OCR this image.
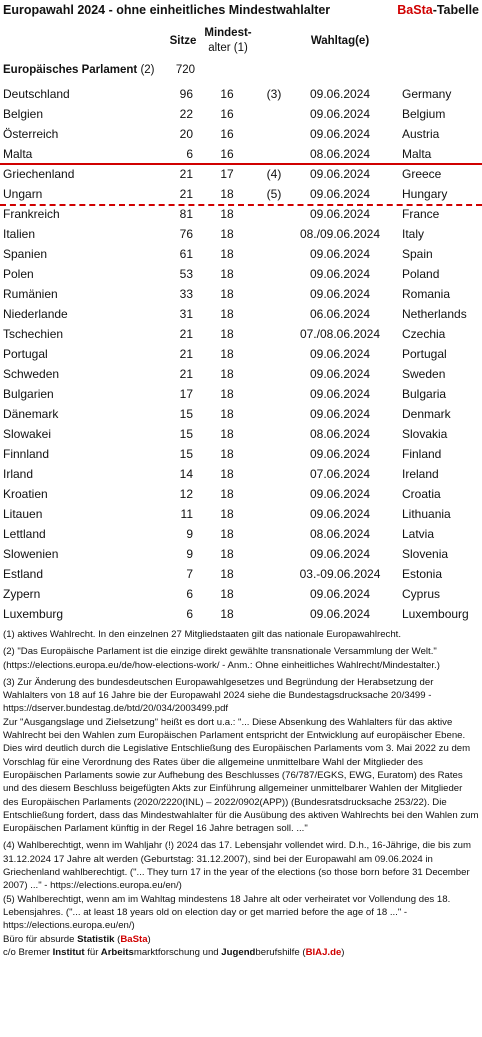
Europawahl 2024 - ohne einheitliches Mindestwahlalter	BaSta-Tabelle
Sitze
Mindest-
alter (1)
Wahltag(e)
Europäisches Parlament (2)	720
Deutschland	96	16	(3)	09.06.2024	Germany
Belgien	22	16	09.06.2024	Belgium
Österreich	20	16	09.06.2024	Austria
Malta	6	16	08.06.2024	Malta
Griechenland	21	17	(4)	09.06.2024	Greece
Ungarn	21	18	(5)	09.06.2024	Hungary
Frankreich	81	18	09.06.2024	France
Italien	76	18	08./09.06.2024	Italy
Spanien	61	18	09.06.2024	Spain
Polen	53	18	09.06.2024	Poland
Rumänien	33	18	09.06.2024	Romania
Niederlande	31	18	06.06.2024	Netherlands
Tschechien	21	18	07./08.06.2024	Czechia
Portugal	21	18	09.06.2024	Portugal
Schweden	21	18	09.06.2024	Sweden
Bulgarien	17	18	09.06.2024	Bulgaria
Dänemark	15	18	09.06.2024	Denmark
Slowakei	15	18	08.06.2024	Slovakia
Finnland	15	18	09.06.2024	Finland
Irland	14	18	07.06.2024	Ireland
Kroatien	12	18	09.06.2024	Croatia
Litauen	11	18	09.06.2024	Lithuania
Lettland	9	18	08.06.2024	Latvia
Slowenien	9	18	09.06.2024	Slovenia
Estland	7	18	03.-09.06.2024	Estonia
Zypern	6	18	09.06.2024	Cyprus
Luxemburg	6	18	09.06.2024	Luxembourg

(1) aktives Wahlrecht. In den einzelnen 27 Mitgliedstaaten gilt das nationale Europawahlrecht.

(2) "Das Europäische Parlament ist die einzige direkt gewählte transnationale Versammlung der Welt." (https://elections.europa.eu/de/how-elections-work/ - Anm.: Ohne einheitliches Wahlrecht/Mindestalter.)

(3) Zur Änderung des bundesdeutschen Europawahlgesetzes und Begründung der Herabsetzung der Wahlalters von 18 auf 16 Jahre bie der Europawahl 2024 siehe die Bundestagsdrucksache 20/3499 - https://dserver.bundestag.de/btd/20/034/2003499.pdf

Zur "Ausgangslage und Zielsetzung" heißt es dort u.a.: "... Diese Absenkung des Wahlalters für das aktive Wahlrecht bei den Wahlen zum Europäischen Parlament entspricht der Entwicklung auf europäischer Ebene. Dies wird deutlich durch die Legislative Entschließung des Europäischen Parlaments vom 3. Mai 2022 zu dem Vorschlag für eine Verordnung des Rates über die allgemeine unmittelbare Wahl der Mitglieder des Europäischen Parlaments sowie zur Aufhebung des Beschlusses (76/787/EGKS, EWG, Euratom) des Rates und des diesem Beschluss beigefügten Akts zur Einführung allgemeiner unmittelbarer Wahlen der Mitglieder des Europäischen Parlaments (2020/2220(INL) – 2022/0902(APP)) (Bundesratsdrucksache 253/22). Die Entschließung fordert, dass das Mindestwahlalter für die Ausübung des aktiven Wahlrechts bei den Wahlen zum Europäischen Parlament künftig in der Regel 16 Jahre betragen soll. ..."

(4) Wahlberechtigt, wenn im Wahljahr (!) 2024 das 17. Lebensjahr vollendet wird. D.h., 16-Jährige, die bis zum 31.12.2024 17 Jahre alt werden (Geburtstag: 31.12.2007), sind bei der Europawahl am 09.06.2024 in Griechenland wahlberechtigt. ("... They turn 17 in the year of the elections (so those born before 31 December 2007) ..." - https://elections.europa.eu/en/)

(5) Wahlberechtigt, wenn am im Wahltag mindestens 18 Jahre alt oder verheiratet vor Vollendung des 18. Lebensjahres. ("... at least 18 years old on election day or get married before the age of 18 ..." - https://elections.europa.eu/en/)

Büro für absurde Statistik (BaSta)
c/o Bremer Institut für Arbeitsmarktforschung und Jugendberufshilfe (BIAJ.de)
